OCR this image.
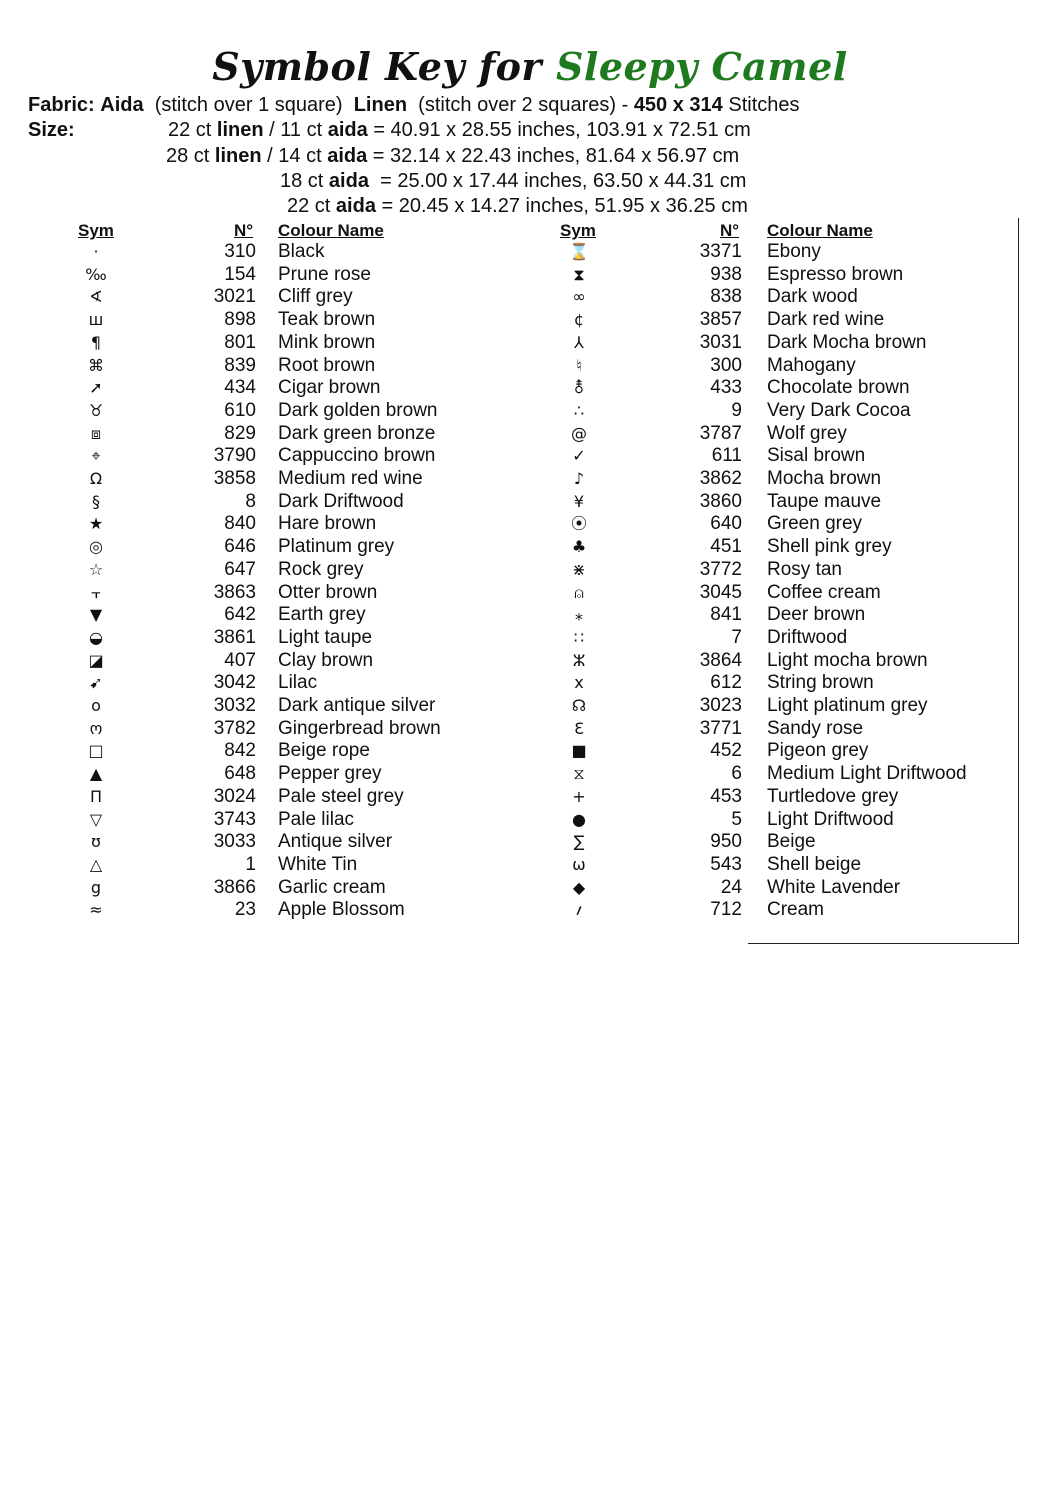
Symbol Key for Sleepy Camel
Fabric: Aida (stitch over 1 square) Linen (stitch over 2 squares) - 450 x 314 Stitches
Size:	22 ct linen / 11 ct aida = 40.91 x 28.55 inches, 103.91 x 72.51 cm
28 ct linen / 14 ct aida = 32.14 x 22.43 inches, 81.64 x 56.97 cm
18 ct aida = 25.00 x 17.44 inches, 63.50 x 44.31 cm
22 ct aida = 20.45 x 14.27 inches, 51.95 x 36.25 cm
Sym	N° Colour Name	Sym	N° Colour Name
·	310 Black
‰	154 Prune rose
∢	3021 Cliff grey
ш	898 Teak brown
¶	801 Mink brown
⌘	839 Root brown
➚	434 Cigar brown
♉	610 Dark golden brown
⧈	829 Dark green bronze
⌖	3790 Cappuccino brown
Ω	3858 Medium red wine
§	8 Dark Driftwood
★	840 Hare brown
◎	646 Platinum grey
☆	647 Rock grey
⫟	3863 Otter brown
▼	642 Earth grey
◒	3861 Light taupe
◪	407 Clay brown
➹	3042 Lilac
o	3032 Dark antique silver
ო	3782 Gingerbread brown
□	842 Beige rope
▲	648 Pepper grey
Π	3024 Pale steel grey
▽	3743 Pale lilac
ʊ	3033 Antique silver
△	1 White Tin
g	3866 Garlic cream
≈	23 Apple Blossom
⌛	3371 Ebony
⧗	938 Espresso brown
∞	838 Dark wood
¢	3857 Dark red wine
⅄	3031 Dark Mocha brown
♮	300 Mahogany
⚨	433 Chocolate brown
∴	9 Very Dark Cocoa
@	3787 Wolf grey
✓	611 Sisal brown
♪	3862 Mocha brown
¥	3860 Taupe mauve
⦿	640 Green grey
♣	451 Shell pink grey
⋇	3772 Rosy tan
⍝	3045 Coffee cream
⁎	841 Deer brown
∷	7 Driftwood
ⵣ	3864 Light mocha brown
x	612 String brown
☊	3023 Light platinum grey
Ɛ	3771 Sandy rose
■	452 Pigeon grey
⧖	6 Medium Light Driftwood
+	453 Turtledove grey
●	5 Light Driftwood
∑	950 Beige
ω	543 Shell beige
◆	24 White Lavender
؍	712 Cream
